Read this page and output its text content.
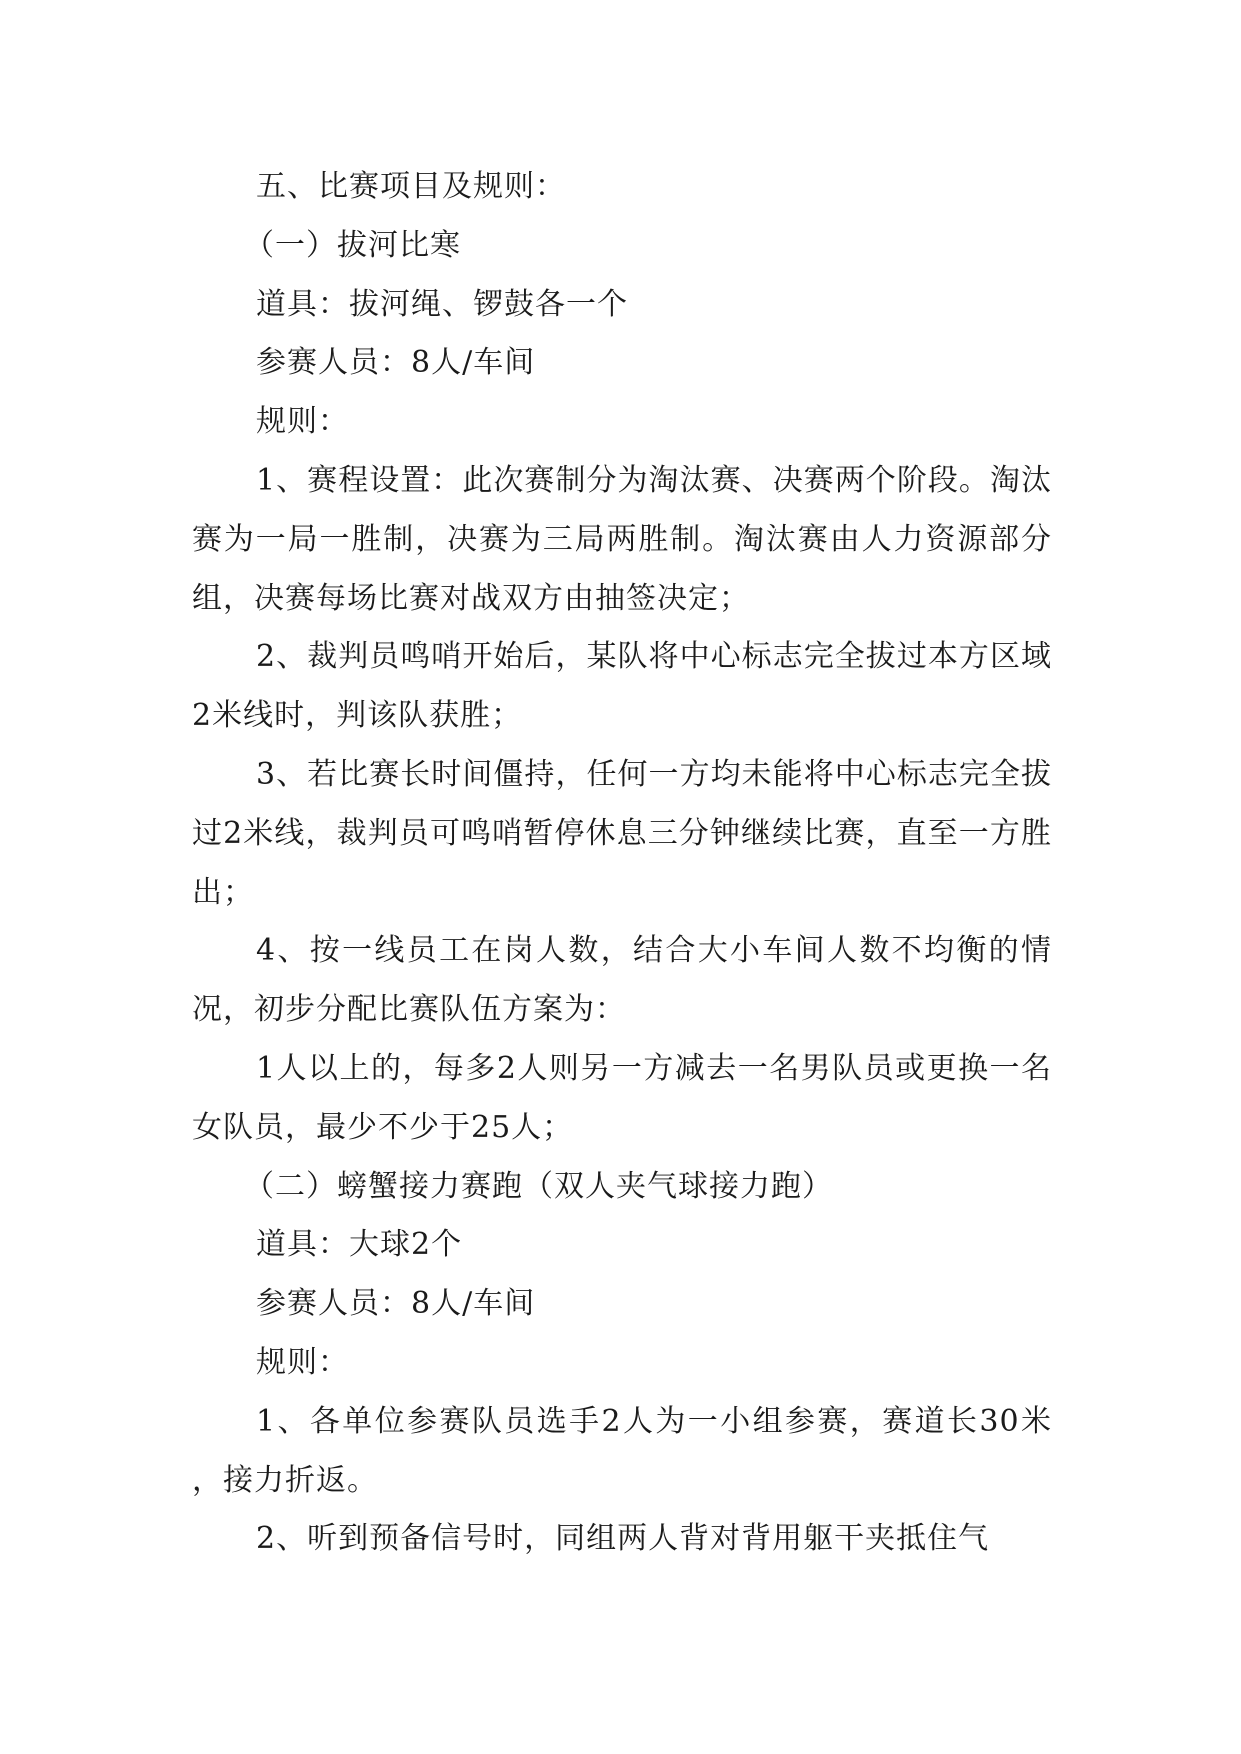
五、比赛项目及规则：

（一）拔河比寒

道具：拔河绳、锣鼓各一个

参赛人员：8人/车间

规则：

1、赛程设置：此次赛制分为淘汰赛、决赛两个阶段。淘汰赛为一局一胜制，决赛为三局两胜制。淘汰赛由人力资源部分组，决赛每场比赛对战双方由抽签决定；

2、裁判员鸣哨开始后，某队将中心标志完全拔过本方区域2米线时，判该队获胜；

3、若比赛长时间僵持，任何一方均未能将中心标志完全拔过2米线，裁判员可鸣哨暂停休息三分钟继续比赛，直至一方胜出；

4、按一线员工在岗人数，结合大小车间人数不均衡的情况，初步分配比赛队伍方案为：

1人以上的，每多2人则另一方减去一名男队员或更换一名女队员，最少不少于25人；

（二）螃蟹接力赛跑（双人夹气球接力跑）

道具：大球2个

参赛人员：8人/车间

规则：

1、各单位参赛队员选手2人为一小组参赛，赛道长30米 ，接力折返。

2、听到预备信号时，同组两人背对背用躯干夹抵住气
